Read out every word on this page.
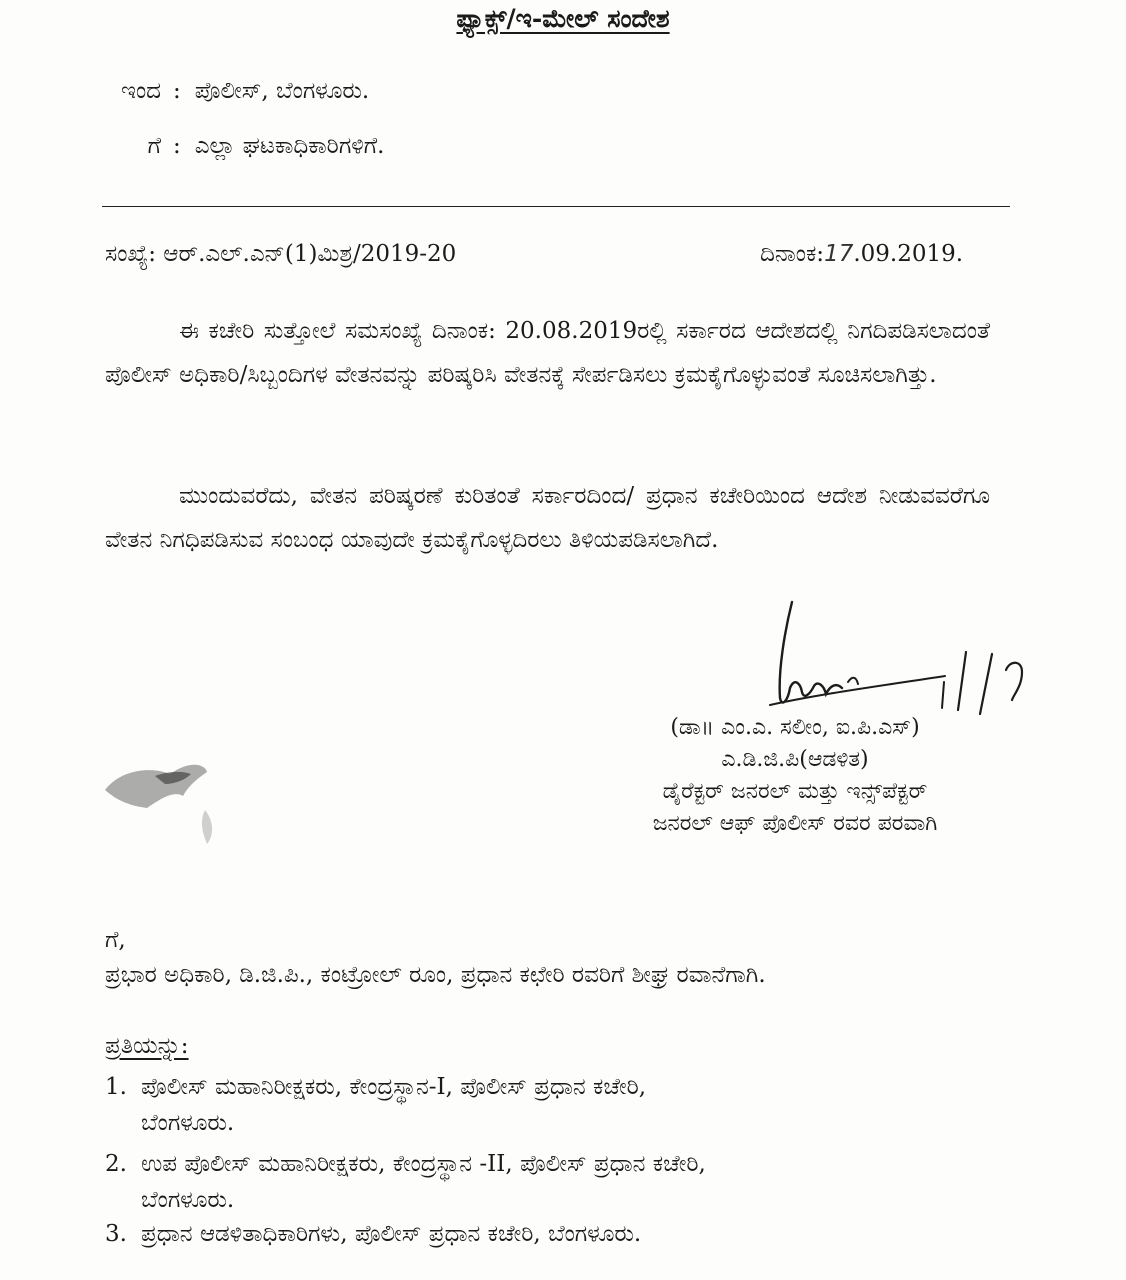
ಫ್ಯಾಕ್ಸ್/ಇ-ಮೇಲ್ ಸಂದೇಶ
ಇಂದ : ಪೊಲೀಸ್, ಬೆಂಗಳೂರು.
ಗೆ : ಎಲ್ಲಾ ಘಟಕಾಧಿಕಾರಿಗಳಿಗೆ.
ಸಂಖ್ಯೆ: ಆರ್.ಎಲ್.ಎನ್(1)ಮಿಶ್ರ/2019-20	ದಿನಾಂಕ:17.09.2019.
ಈ ಕಚೇರಿ ಸುತ್ತೋಲೆ ಸಮಸಂಖ್ಯೆ ದಿನಾಂಕ: 20.08.2019ರಲ್ಲಿ ಸರ್ಕಾರದ ಆದೇಶದಲ್ಲಿ ನಿಗದಿಪಡಿಸಲಾದಂತೆ ಪೊಲೀಸ್ ಅಧಿಕಾರಿ/ಸಿಬ್ಬಂದಿಗಳ ವೇತನವನ್ನು ಪರಿಷ್ಕರಿಸಿ ವೇತನಕ್ಕೆ ಸೇರ್ಪಡಿಸಲು ಕ್ರಮಕೈಗೊಳ್ಳುವಂತೆ ಸೂಚಿಸಲಾಗಿತ್ತು.
ಮುಂದುವರೆದು, ವೇತನ ಪರಿಷ್ಕರಣೆ ಕುರಿತಂತೆ ಸರ್ಕಾರದಿಂದ/ ಪ್ರಧಾನ ಕಚೇರಿಯಿಂದ ಆದೇಶ ನೀಡುವವರೆಗೂ ವೇತನ ನಿಗಧಿಪಡಿಸುವ ಸಂಬಂಧ ಯಾವುದೇ ಕ್ರಮಕೈಗೊಳ್ಳದಿರಲು ತಿಳಿಯಪಡಿಸಲಾಗಿದೆ.
(ಡಾ॥ ಎಂ.ಎ. ಸಲೀಂ, ಐ.ಪಿ.ಎಸ್)
ಎ.ಡಿ.ಜಿ.ಪಿ(ಆಡಳಿತ)
ಡೈರೆಕ್ಟರ್ ಜನರಲ್ ಮತ್ತು ಇನ್ಸ್‌ಪೆಕ್ಟರ್
ಜನರಲ್ ಆಫ್ ಪೊಲೀಸ್ ರವರ ಪರವಾಗಿ
ಗೆ,
ಪ್ರಭಾರ ಅಧಿಕಾರಿ, ಡಿ.ಜಿ.ಪಿ., ಕಂಟ್ರೋಲ್ ರೂಂ, ಪ್ರಧಾನ ಕಛೇರಿ ರವರಿಗೆ ಶೀಘ್ರ ರವಾನೆಗಾಗಿ.
ಪ್ರತಿಯನ್ನು:
1. ಪೊಲೀಸ್ ಮಹಾನಿರೀಕ್ಷಕರು, ಕೇಂದ್ರಸ್ಥಾನ-I, ಪೊಲೀಸ್ ಪ್ರಧಾನ ಕಚೇರಿ,
ಬೆಂಗಳೂರು.
2. ಉಪ ಪೊಲೀಸ್ ಮಹಾನಿರೀಕ್ಷಕರು, ಕೇಂದ್ರಸ್ಥಾನ -II, ಪೊಲೀಸ್ ಪ್ರಧಾನ ಕಚೇರಿ,
ಬೆಂಗಳೂರು.
3. ಪ್ರಧಾನ ಆಡಳಿತಾಧಿಕಾರಿಗಳು, ಪೊಲೀಸ್ ಪ್ರಧಾನ ಕಚೇರಿ, ಬೆಂಗಳೂರು.
